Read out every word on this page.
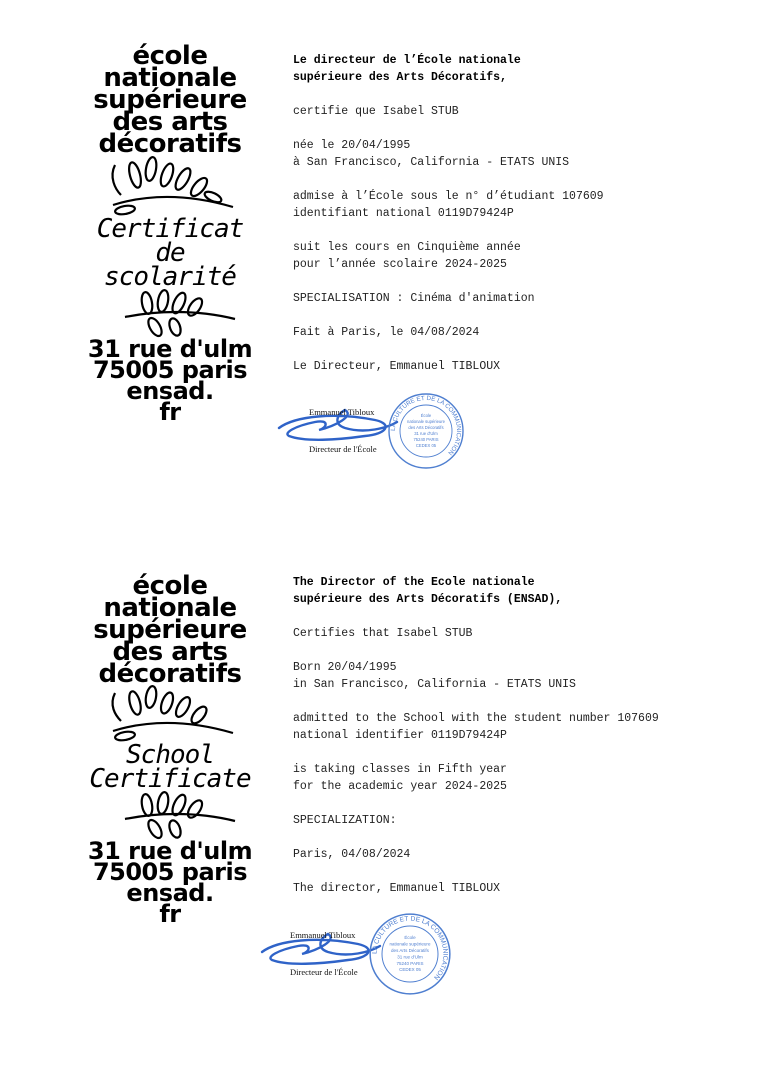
école
nationale
supérieure
des arts
décoratifs
Certificat
de
scolarité
31 rue d'ulm
75005 paris
ensad.
fr

Le directeur de l’École nationale

supérieure des Arts Décoratifs,

certifie que Isabel STUB

née le 20/04/1995

à San Francisco, California - ETATS UNIS

admise à l’École sous le n° d’étudiant 107609

identifiant national 0119D79424P

suit les cours en Cinquième année

pour l’année scolaire 2024-2025

SPECIALISATION : Cinéma d'animation

Fait à Paris, le 04/08/2024

Le Directeur, Emmanuel TIBLOUX

Emmanuel Tibloux
Directeur de l'École
LA CULTURE ET DE LA COMMUNICATION
École
nationale supérieure
des Arts Décoratifs
31 rue d'Ulm
75240 PARIS
CEDEX 05
école
nationale
supérieure
des arts
décoratifs
School
Certificate
31 rue d'ulm
75005 paris
ensad.
fr

The Director of the Ecole nationale

supérieure des Arts Décoratifs (ENSAD),

Certifies that Isabel STUB

Born 20/04/1995

in San Francisco, California - ETATS UNIS

admitted to the School with the student number 107609

national identifier 0119D79424P

is taking classes in Fifth year

for the academic year 2024-2025

SPECIALIZATION:

Paris, 04/08/2024

The director, Emmanuel TIBLOUX

Emmanuel Tibloux
Directeur de l'École
LA CULTURE ET DE LA COMMUNICATION
École
nationale supérieure
des Arts Décoratifs
31 rue d'Ulm
75240 PARIS
CEDEX 05
